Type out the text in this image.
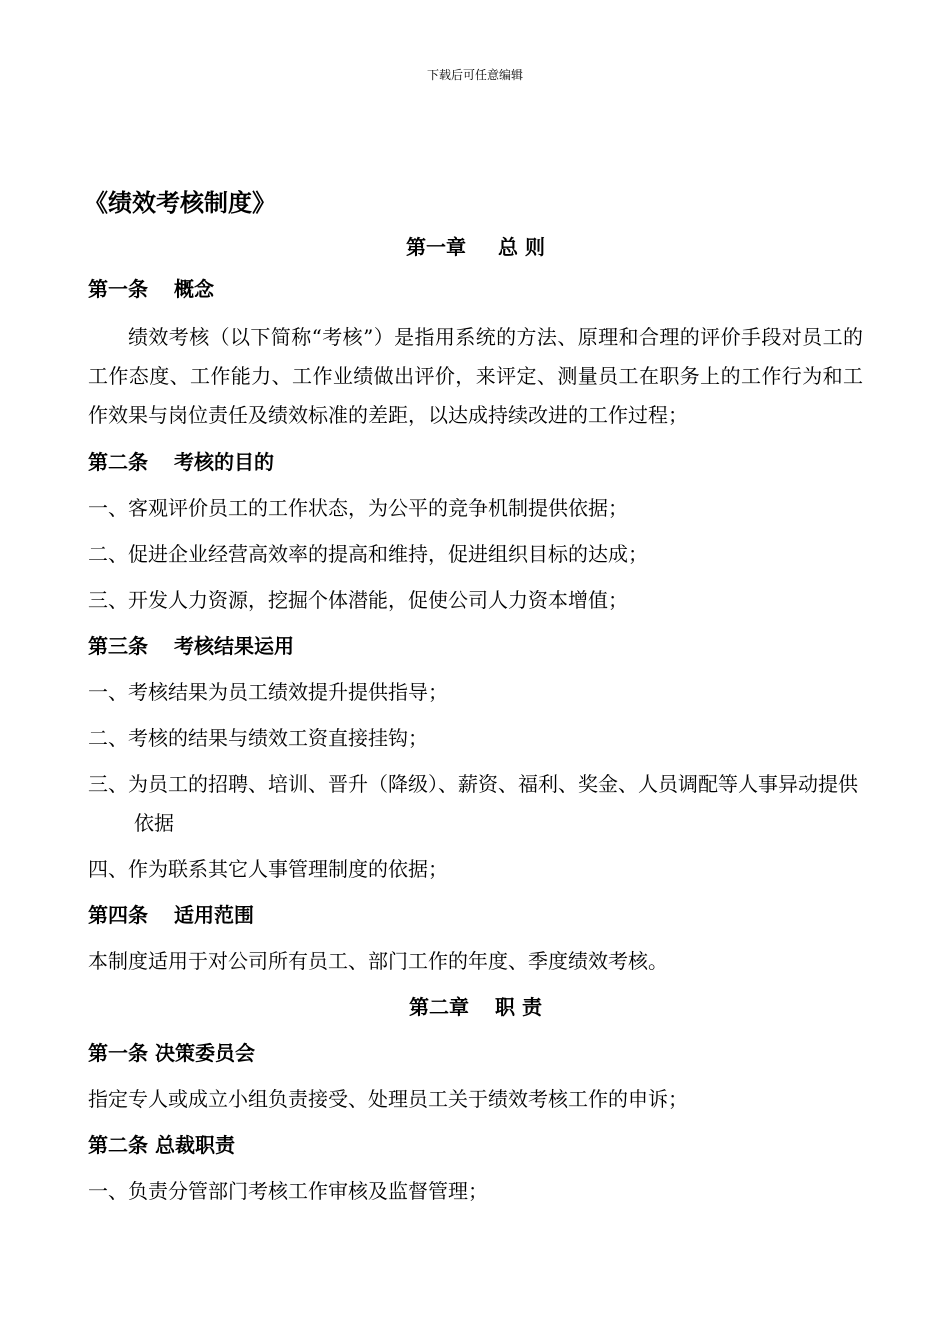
下载后可任意编辑
《绩效考核制度》
第一章 总 则
第一条 概念
绩效考核（以下简称“考核”）是指用系统的方法、原理和合理的评价手段对员工的工作态度、工作能力、工作业绩做出评价，来评定、测量员工在职务上的工作行为和工作效果与岗位责任及绩效标准的差距，以达成持续改进的工作过程；
第二条 考核的目的
一、客观评价员工的工作状态，为公平的竞争机制提供依据；
二、促进企业经营高效率的提高和维持，促进组织目标的达成；
三、开发人力资源，挖掘个体潜能，促使公司人力资本增值；
第三条 考核结果运用
一、考核结果为员工绩效提升提供指导；
二、考核的结果与绩效工资直接挂钩；
三、为员工的招聘、培训、晋升（降级）、薪资、福利、奖金、人员调配等人事异动提供依据
四、作为联系其它人事管理制度的依据；
第四条 适用范围
本制度适用于对公司所有员工、部门工作的年度、季度绩效考核。
第二章 职 责
第一条 决策委员会
指定专人或成立小组负责接受、处理员工关于绩效考核工作的申诉；
第二条 总裁职责
一、负责分管部门考核工作审核及监督管理；
